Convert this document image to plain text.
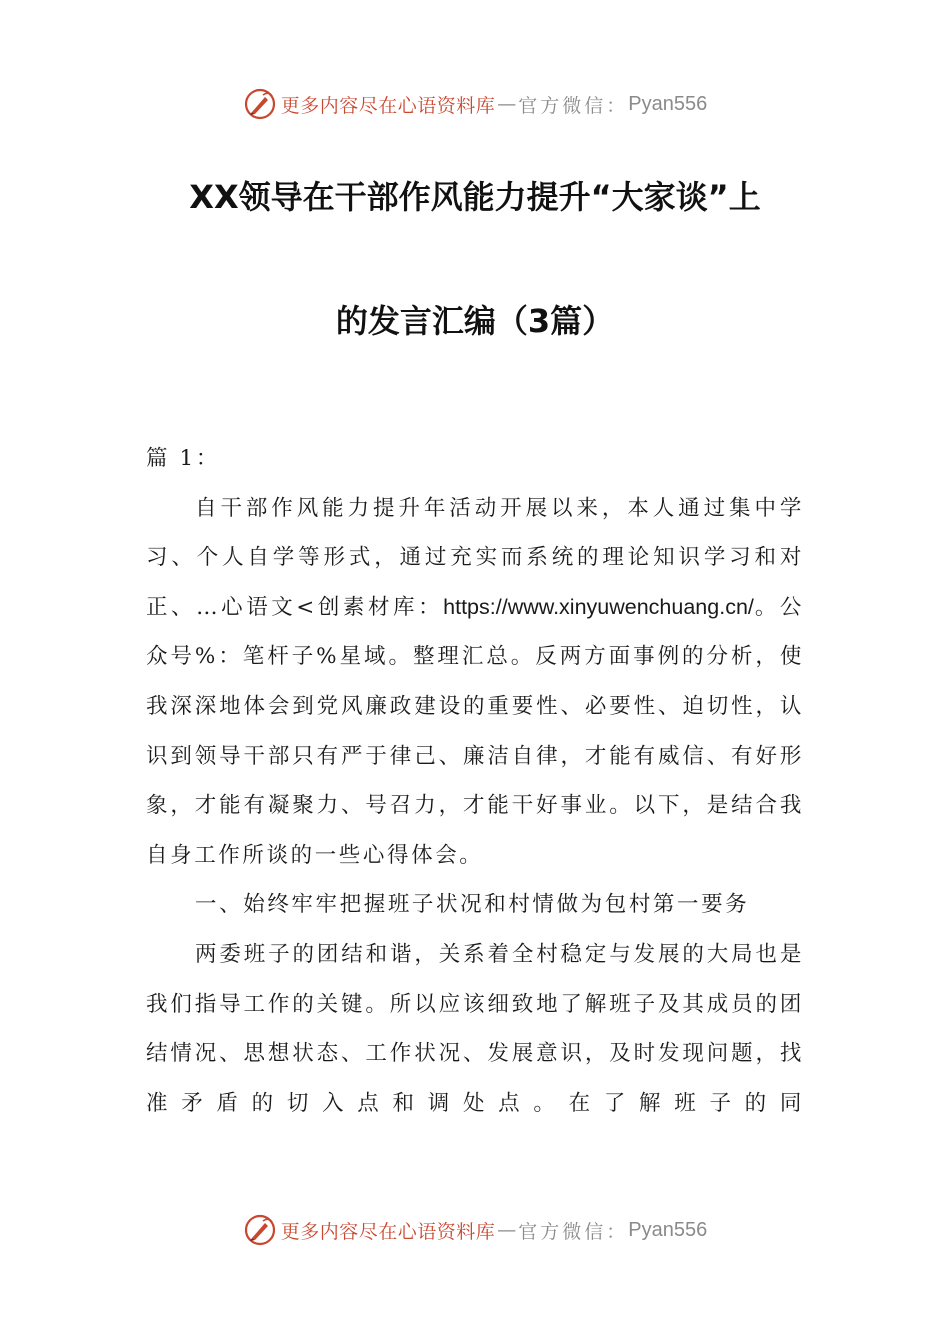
更多内容尽在心语资料库 — 官方微信： Pyan556
XX领导在干部作风能力提升“大家谈”上
的发言汇编（3篇）

篇 1：

自干部作风能力提升年活动开展以来，本人通过集中学习、个人自学等形式，通过充实而系统的理论知识学习和对正、…心语文<创素材库：https://www.xinyuwenchuang.cn/。公众号%：笔杆子%星域。整理汇总。反两方面事例的分析，使我深深地体会到党风廉政建设的重要性、必要性、迫切性，认识到领导干部只有严于律己、廉洁自律，才能有威信、有好形象，才能有凝聚力、号召力，才能干好事业。以下，是结合我自身工作所谈的一些心得体会。

一、始终牢牢把握班子状况和村情做为包村第一要务

两委班子的团结和谐，关系着全村稳定与发展的大局也是我们指导工作的关键。所以应该细致地了解班子及其成员的团结情况、思想状态、工作状况、发展意识，及时发现问题，找准矛盾的切入点和调处点。在了解班子的同

更多内容尽在心语资料库 — 官方微信： Pyan556
